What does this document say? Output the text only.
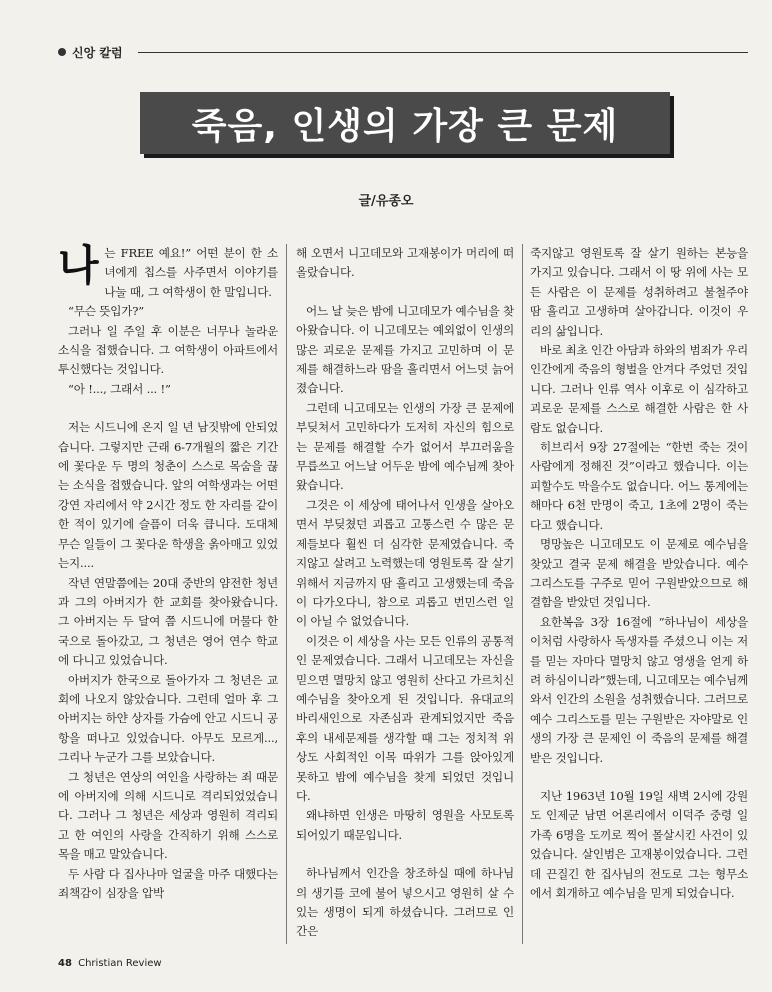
신앙 칼럼
죽음, 인생의 가장 큰 문제
글/유종오
나 는 FREE 예요!” 어떤 분이 한 소녀에게 칩스를 사주면서 이야기를 나눌 때, 그 여학생이 한 말입니다.

“무슨 뜻입가?”

그러나 일 주일 후 이분은 너무나 놀라운 소식을 접했습니다. 그 여학생이 아파트에서 투신했다는 것입니다.

“아 !..., 그래서 ... !”

저는 시드니에 온지 일 년 남짓밖에 안되었습니다. 그렇지만 근래 6-7개월의 짧은 기간에 꽃다운 두 명의 청춘이 스스로 목숨을 끊는 소식을 접했습니다. 앞의 여학생과는 어떤 강연 자리에서 약 2시간 정도 한 자리를 같이 한 적이 있기에 슬픔이 더욱 큽니다. 도대체 무슨 일들이 그 꽃다운 학생을 옭아매고 있었는지....

작년 연말쯤에는 20대 중반의 얌전한 청년과 그의 아버지가 한 교회를 찾아왔습니다. 그 아버지는 두 달여 쯤 시드니에 머물다 한국으로 돌아갔고, 그 청년은 영어 연수 학교에 다니고 있었습니다.

아버지가 한국으로 돌아가자 그 청년은 교회에 나오지 않았습니다. 그런데 얼마 후 그 아버지는 하얀 상자를 가슴에 안고 시드니 공항을 떠나고 있었습니다. 아무도 모르게..., 그리나 누군가 그를 보았습니다.

그 청년은 연상의 여인을 사랑하는 죄 때문에 아버지에 의해 시드니로 격리되었었습니다. 그러나 그 청년은 세상과 영원히 격리되고 한 여인의 사랑을 간직하기 위해 스스로 목을 매고 말았습니다.

두 사람 다 집사나마 얼굴을 마주 대했다는 죄책감이 심장을 압박

해 오면서 니고데모와 고재봉이가 머리에 떠올랐습니다.

어느 날 늦은 밤에 니고데모가 예수님을 찾아왔습니다. 이 니고데모는 예외없이 인생의 많은 괴로운 문제를 가지고 고민하며 이 문제를 해결하느라 땀을 흘리면서 어느덧 늙어졌습니다.

그런데 니고데모는 인생의 가장 큰 문제에 부딪쳐서 고민하다가 도저히 자신의 힘으로는 문제를 해결할 수가 없어서 부끄러움을 무릅쓰고 어느날 어두운 밤에 예수님께 찾아왔습니다.

그것은 이 세상에 태어나서 인생을 살아오면서 부딪쳤던 괴롭고 고통스런 수 많은 문제들보다 훨씬 더 심각한 문제였습니다. 죽지않고 살려고 노력했는데 영원토록 잘 살기 위해서 지금까지 땀 흘리고 고생했는데 죽음이 다가오다니, 참으로 괴롭고 번민스런 일이 아닐 수 없었습니다.

이것은 이 세상을 사는 모든 인류의 공통적인 문제였습니다. 그래서 니고데모는 자신을 믿으면 멸망치 않고 영원히 산다고 가르치신 예수님을 찾아오게 된 것입니다. 유대교의 바리새인으로 자존심과 관계되었지만 죽음 후의 내세문제를 생각할 때 그는 정치적 위상도 사회적인 이목 따위가 그를 앉아있게 못하고 밤에 예수님을 찾게 되었던 것입니다.

왜냐하면 인생은 마땅히 영원을 사모토록 되어있기 때문입니다.

하나님께서 인간을 창조하실 때에 하나님의 생기를 코에 불어 넣으시고 영원히 살 수 있는 생명이 되게 하셨습니다. 그러므로 인간은

죽지않고 영원토록 잘 살기 원하는 본능을 가지고 있습니다. 그래서 이 땅 위에 사는 모든 사람은 이 문제를 성취하려고 불철주야 땀 흘리고 고생하며 살아갑니다. 이것이 우리의 삶입니다.

바로 최초 인간 아담과 하와의 범죄가 우리 인간에게 죽음의 형벌을 안겨다 주었던 것입니다. 그러나 인류 역사 이후로 이 심각하고 괴로운 문제를 스스로 해결한 사람은 한 사람도 없습니다.

히브리서 9장 27절에는 “한번 죽는 것이 사람에게 정해진 것”이라고 했습니다. 이는 피할수도 막을수도 없습니다. 어느 통계에는 해마다 6천 만명이 죽고, 1초에 2명이 죽는다고 했습니다.

명망높은 니고데모도 이 문제로 예수님을 찾았고 결국 문제 해결을 받았습니다. 예수 그리스도를 구주로 믿어 구원받았으므로 해결함을 받았던 것입니다.

요한복음 3장 16절에 “하나님이 세상을 이처럼 사랑하사 독생자를 주셨으니 이는 저를 믿는 자마다 멸망치 않고 영생을 얻게 하려 하심이니라”했는데, 니고데모는 예수님께 와서 인간의 소원을 성취했습니다. 그러므로 예수 그리스도를 믿는 구원받은 자야말로 인생의 가장 큰 문제인 이 죽음의 문제를 해결받은 것입니다.

지난 1963년 10월 19일 새벽 2시에 강원도 인제군 남면 어론리에서 이덕주 중령 일가족 6명을 도끼로 찍어 몰살시킨 사건이 있었습니다. 살인범은 고재봉이었습니다. 그런데 끈질긴 한 집사님의 전도로 그는 형무소에서 회개하고 예수님을 믿게 되었습니다.

48 Christian Review
